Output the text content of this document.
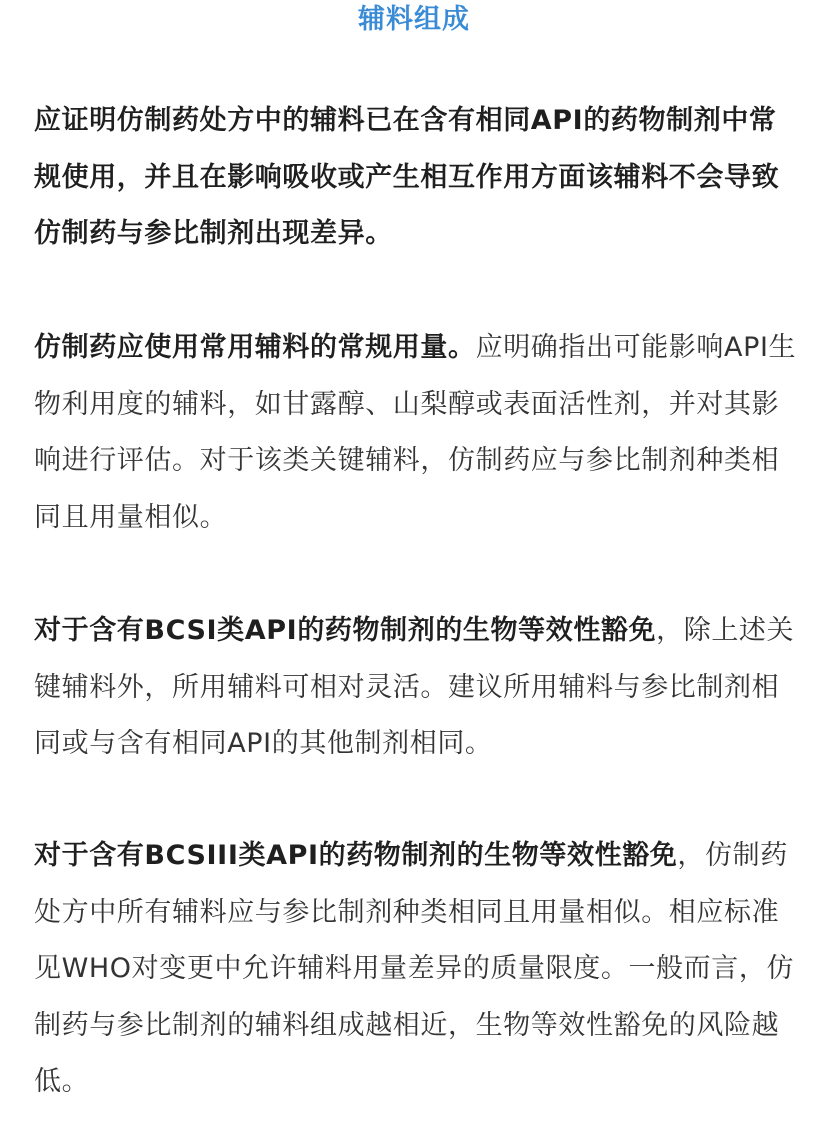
辅料组成

应证明仿制药处方中的辅料已在含有相同API的药物制剂中常规使用，并且在影响吸收或产生相互作用方面该辅料不会导致仿制药与参比制剂出现差异。

仿制药应使用常用辅料的常规用量。应明确指出可能影响API生物利用度的辅料，如甘露醇、山梨醇或表面活性剂，并对其影响进行评估。对于该类关键辅料，仿制药应与参比制剂种类相同且用量相似。

对于含有BCSI类API的药物制剂的生物等效性豁免，除上述关键辅料外，所用辅料可相对灵活。建议所用辅料与参比制剂相同或与含有相同API的其他制剂相同。

对于含有BCSIII类API的药物制剂的生物等效性豁免，仿制药处方中所有辅料应与参比制剂种类相同且用量相似。相应标准见WHO对变更中允许辅料用量差异的质量限度。一般而言，仿制药与参比制剂的辅料组成越相近，生物等效性豁免的风险越低。
